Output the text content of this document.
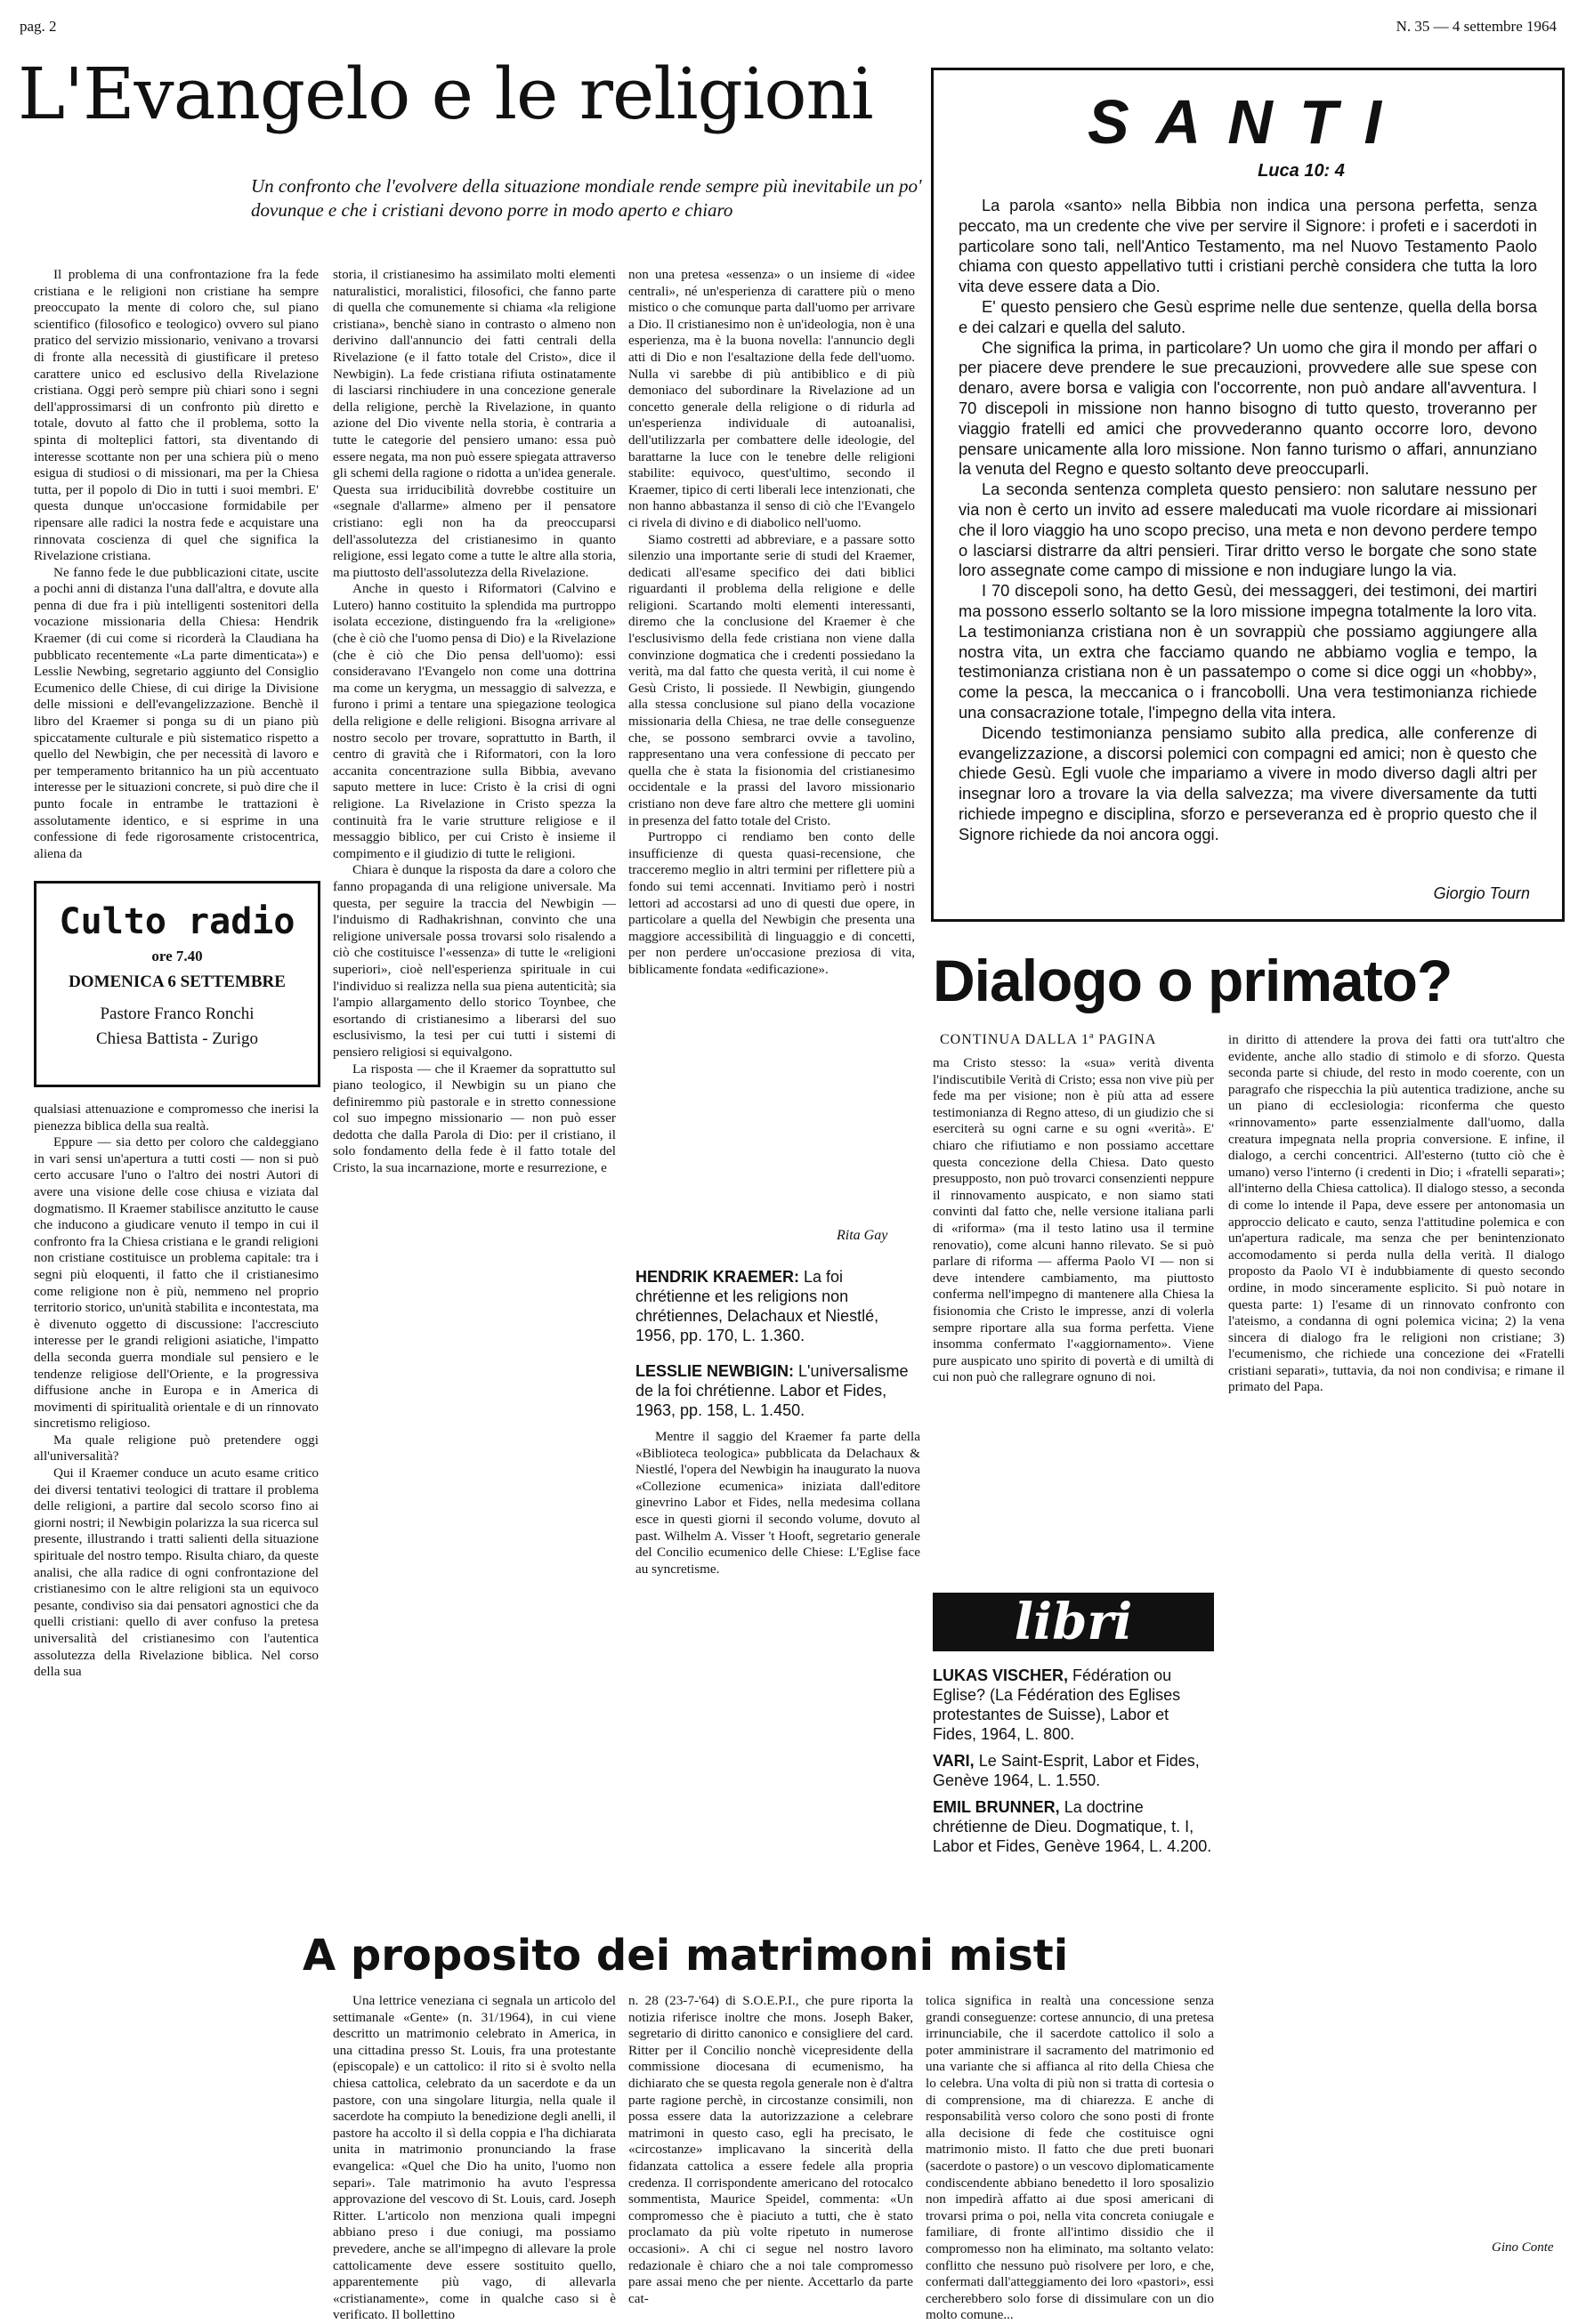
pag. 2	N. 35 — 4 settembre 1964
L'Evangelo e le religioni
Un confronto che l'evolvere della situazione mondiale rende sempre più inevitabile un po' dovunque e che i cristiani devono porre in modo aperto e chiaro

Il problema di una confrontazione fra la fede cristiana e le religioni non cristiane ha sempre preoccupato la mente di coloro che, sul piano scientifico (filosofico e teologico) ovvero sul piano pratico del servizio missionario, venivano a trovarsi di fronte alla necessità di giustificare il preteso carattere unico ed esclusivo della Rivelazione cristiana. Oggi però sempre più chiari sono i segni dell'approssimarsi di un confronto più diretto e totale, dovuto al fatto che il problema, sotto la spinta di molteplici fattori, sta diventando di interesse scottante non per una schiera più o meno esigua di studiosi o di missionari, ma per la Chiesa tutta, per il popolo di Dio in tutti i suoi membri. E' questa dunque un'occasione formidabile per ripensare alle radici la nostra fede e acquistare una rinnovata coscienza di quel che significa la Rivelazione cristiana.

Ne fanno fede le due pubblicazioni citate, uscite a pochi anni di distanza l'una dall'altra, e dovute alla penna di due fra i più intelligenti sostenitori della vocazione missionaria della Chiesa: Hendrik Kraemer (di cui come si ricorderà la Claudiana ha pubblicato recentemente «La parte dimenticata») e Lesslie Newbing, segretario aggiunto del Consiglio Ecumenico delle Chiese, di cui dirige la Divisione delle missioni e dell'evangelizzazione. Benchè il libro del Kraemer si ponga su di un piano più spiccatamente culturale e più sistematico rispetto a quello del Newbigin, che per necessità di lavoro e per temperamento britannico ha un più accentuato interesse per le situazioni concrete, si può dire che il punto focale in entrambe le trattazioni è assolutamente identico, e si esprime in una confessione di fede rigorosamente cristocentrica, aliena da

Culto radio
ore 7.40
DOMENICA 6 SETTEMBRE
Pastore Franco Ronchi
Chiesa Battista - Zurigo

qualsiasi attenuazione e compromesso che inerisi la pienezza biblica della sua realtà.

Eppure — sia detto per coloro che caldeggiano in vari sensi un'apertura a tutti costi — non si può certo accusare l'uno o l'altro dei nostri Autori di avere una visione delle cose chiusa e viziata dal dogmatismo. Il Kraemer stabilisce anzitutto le cause che inducono a giudicare venuto il tempo in cui il confronto fra la Chiesa cristiana e le grandi religioni non cristiane costituisce un problema capitale: tra i segni più eloquenti, il fatto che il cristianesimo come religione non è più, nemmeno nel proprio territorio storico, un'unità stabilita e incontestata, ma è divenuto oggetto di discussione: l'accresciuto interesse per le grandi religioni asiatiche, l'impatto della seconda guerra mondiale sul pensiero e le tendenze religiose dell'Oriente, e la progressiva diffusione anche in Europa e in America di movimenti di spiritualità orientale e di un rinnovato sincretismo religioso.

Ma quale religione può pretendere oggi all'universalità?

Qui il Kraemer conduce un acuto esame critico dei diversi tentativi teologici di trattare il problema delle religioni, a partire dal secolo scorso fino ai giorni nostri; il Newbigin polarizza la sua ricerca sul presente, illustrando i tratti salienti della situazione spirituale del nostro tempo. Risulta chiaro, da queste analisi, che alla radice di ogni confrontazione del cristianesimo con le altre religioni sta un equivoco pesante, condiviso sia dai pensatori agnostici che da quelli cristiani: quello di aver confuso la pretesa universalità del cristianesimo con l'autentica assolutezza della Rivelazione biblica. Nel corso della sua

storia, il cristianesimo ha assimilato molti elementi naturalistici, moralistici, filosofici, che fanno parte di quella che comunemente si chiama «la religione cristiana», benchè siano in contrasto o almeno non derivino dall'annuncio dei fatti centrali della Rivelazione (e il fatto totale del Cristo», dice il Newbigin). La fede cristiana rifiuta ostinatamente di lasciarsi rinchiudere in una concezione generale della religione, perchè la Rivelazione, in quanto azione del Dio vivente nella storia, è contraria a tutte le categorie del pensiero umano: essa può essere negata, ma non può essere spiegata attraverso gli schemi della ragione o ridotta a un'idea generale. Questa sua irriducibilità dovrebbe costituire un «segnale d'allarme» almeno per il pensatore cristiano: egli non ha da preoccuparsi dell'assolutezza del cristianesimo in quanto religione, essi legato come a tutte le altre alla storia, ma piuttosto dell'assolutezza della Rivelazione.

Anche in questo i Riformatori (Calvino e Lutero) hanno costituito la splendida ma purtroppo isolata eccezione, distinguendo fra la «religione» (che è ciò che l'uomo pensa di Dio) e la Rivelazione (che è ciò che Dio pensa dell'uomo): essi consideravano l'Evangelo non come una dottrina ma come un kerygma, un messaggio di salvezza, e furono i primi a tentare una spiegazione teologica della religione e delle religioni. Bisogna arrivare al nostro secolo per trovare, soprattutto in Barth, il centro di gravità che i Riformatori, con la loro accanita concentrazione sulla Bibbia, avevano saputo mettere in luce: Cristo è la crisi di ogni religione. La Rivelazione in Cristo spezza la continuità fra le varie strutture religiose e il messaggio biblico, per cui Cristo è insieme il compimento e il giudizio di tutte le religioni.

Chiara è dunque la risposta da dare a coloro che fanno propaganda di una religione universale. Ma questa, per seguire la traccia del Newbigin — l'induismo di Radhakrishnan, convinto che una religione universale possa trovarsi solo risalendo a ciò che costituisce l'«essenza» di tutte le «religioni superiori», cioè nell'esperienza spirituale in cui l'individuo si realizza nella sua piena autenticità; sia l'ampio allargamento dello storico Toynbee, che esortando di cristianesimo a liberarsi del suo esclusivismo, la tesi per cui tutti i sistemi di pensiero religiosi si equivalgono.

La risposta — che il Kraemer da soprattutto sul piano teologico, il Newbigin su un piano che definiremmo più pastorale e in stretto connessione col suo impegno missionario — non può esser dedotta che dalla Parola di Dio: per il cristiano, il solo fondamento della fede è il fatto totale del Cristo, la sua incarnazione, morte e resurrezione, e

non una pretesa «essenza» o un insieme di «idee centrali», né un'esperienza di carattere più o meno mistico o che comunque parta dall'uomo per arrivare a Dio. Il cristianesimo non è un'ideologia, non è una esperienza, ma è la buona novella: l'annuncio degli atti di Dio e non l'esaltazione della fede dell'uomo. Nulla vi sarebbe di più antibiblico e di più demoniaco del subordinare la Rivelazione ad un concetto generale della religione o di ridurla ad un'esperienza individuale di autoanalisi, dell'utilizzarla per combattere delle ideologie, del barattarne la luce con le tenebre delle religioni stabilite: equivoco, quest'ultimo, secondo il Kraemer, tipico di certi liberali lece intenzionati, che non hanno abbastanza il senso di ciò che l'Evangelo ci rivela di divino e di diabolico nell'uomo.

Siamo costretti ad abbreviare, e a passare sotto silenzio una importante serie di studi del Kraemer, dedicati all'esame specifico dei dati biblici riguardanti il problema della religione e delle religioni. Scartando molti elementi interessanti, diremo che la conclusione del Kraemer è che l'esclusivismo della fede cristiana non viene dalla convinzione dogmatica che i credenti possiedano la verità, ma dal fatto che questa verità, il cui nome è Gesù Cristo, li possiede. Il Newbigin, giungendo alla stessa conclusione sul piano della vocazione missionaria della Chiesa, ne trae delle conseguenze che, se possono sembrarci ovvie a tavolino, rappresentano una vera confessione di peccato per quella che è stata la fisionomia del cristianesimo occidentale e la prassi del lavoro missionario cristiano non deve fare altro che mettere gli uomini in presenza del fatto totale del Cristo.

Purtroppo ci rendiamo ben conto delle insufficienze di questa quasi-recensione, che tracceremo meglio in altri termini per riflettere più a fondo sui temi accennati. Invitiamo però i nostri lettori ad accostarsi ad uno di questi due opere, in particolare a quella del Newbigin che presenta una maggiore accessibilità di linguaggio e di concetti, per non perdere un'occasione preziosa di vita, biblicamente fondata «edificazione».

Rita Gay

HENDRIK KRAEMER: La foi chrétienne et les religions non chrétiennes, Delachaux et Niestlé, 1956, pp. 170, L. 1.360.

LESSLIE NEWBIGIN: L'universalisme de la foi chrétienne. Labor et Fides, 1963, pp. 158, L. 1.450.

Mentre il saggio del Kraemer fa parte della «Biblioteca teologica» pubblicata da Delachaux & Niestlé, l'opera del Newbigin ha inaugurato la nuova «Collezione ecumenica» iniziata dall'editore ginevrino Labor et Fides, nella medesima collana esce in questi giorni il secondo volume, dovuto al past. Wilhelm A. Visser 't Hooft, segretario generale del Concilio ecumenico delle Chiese: L'Eglise face au syncretisme.

SANTI
Luca 10: 4

La parola «santo» nella Bibbia non indica una persona perfetta, senza peccato, ma un credente che vive per servire il Signore: i profeti e i sacerdoti in particolare sono tali, nell'Antico Testamento, ma nel Nuovo Testamento Paolo chiama con questo appellativo tutti i cristiani perchè considera che tutta la loro vita deve essere data a Dio.

E' questo pensiero che Gesù esprime nelle due sentenze, quella della borsa e dei calzari e quella del saluto.

Che significa la prima, in particolare? Un uomo che gira il mondo per affari o per piacere deve prendere le sue precauzioni, provvedere alle sue spese con denaro, avere borsa e valigia con l'occorrente, non può andare all'avventura. I 70 discepoli in missione non hanno bisogno di tutto questo, troveranno per viaggio fratelli ed amici che provvederanno quanto occorre loro, devono pensare unicamente alla loro missione. Non fanno turismo o affari, annunziano la venuta del Regno e questo soltanto deve preoccuparli.

La seconda sentenza completa questo pensiero: non salutare nessuno per via non è certo un invito ad essere maleducati ma vuole ricordare ai missionari che il loro viaggio ha uno scopo preciso, una meta e non devono perdere tempo o lasciarsi distrarre da altri pensieri. Tirar dritto verso le borgate che sono state loro assegnate come campo di missione e non indugiare lungo la via.

I 70 discepoli sono, ha detto Gesù, dei messaggeri, dei testimoni, dei martiri ma possono esserlo soltanto se la loro missione impegna totalmente la loro vita. La testimonianza cristiana non è un sovrappiù che possiamo aggiungere alla nostra vita, un extra che facciamo quando ne abbiamo voglia e tempo, la testimonianza cristiana non è un passatempo o come si dice oggi un «hobby», come la pesca, la meccanica o i francobolli. Una vera testimonianza richiede una consacrazione totale, l'impegno della vita intera.

Dicendo testimonianza pensiamo subito alla predica, alle conferenze di evangelizzazione, a discorsi polemici con compagni ed amici; non è questo che chiede Gesù. Egli vuole che impariamo a vivere in modo diverso dagli altri per insegnar loro a trovare la via della salvezza; ma vivere diversamente da tutti richiede impegno e disciplina, sforzo e perseveranza ed è proprio questo che il Signore richiede da noi ancora oggi.

Giorgio Tourn
Dialogo o primato?
CONTINUA DALLA 1ª PAGINA

ma Cristo stesso: la «sua» verità diventa l'indiscutibile Verità di Cristo; essa non vive più per fede ma per visione; non è più atta ad essere testimonianza di Regno atteso, di un giudizio che si eserciterà su ogni carne e su ogni «verità». E' chiaro che rifiutiamo e non possiamo accettare questa concezione della Chiesa. Dato questo presupposto, non può trovarci consenzienti neppure il rinnovamento auspicato, e non siamo stati convinti dal fatto che, nelle versione italiana parli di «riforma» (ma il testo latino usa il termine renovatio), come alcuni hanno rilevato. Se si può parlare di riforma — afferma Paolo VI — non si deve intendere cambiamento, ma piuttosto conferma nell'impegno di mantenere alla Chiesa la fisionomia che Cristo le impresse, anzi di volerla sempre riportare alla sua forma perfetta. Viene insomma confermato l'«aggiornamento». Viene pure auspicato uno spirito di povertà e di umiltà di cui non può che rallegrare ognuno di noi.

in diritto di attendere la prova dei fatti ora tutt'altro che evidente, anche allo stadio di stimolo e di sforzo. Questa seconda parte si chiude, del resto in modo coerente, con un paragrafo che rispecchia la più autentica tradizione, anche su un piano di ecclesiologia: riconferma che questo «rinnovamento» parte essenzialmente dall'uomo, dalla creatura impegnata nella propria conversione. E infine, il dialogo, a cerchi concentrici. All'esterno (tutto ciò che è umano) verso l'interno (i credenti in Dio; i «fratelli separati»; all'interno della Chiesa cattolica). Il dialogo stesso, a seconda di come lo intende il Papa, deve essere per antonomasia un approccio delicato e cauto, senza l'attitudine polemica e con un'apertura radicale, ma senza che per benintenzionato accomodamento si perda nulla della verità. Il dialogo proposto da Paolo VI è indubbiamente di questo secondo ordine, in modo sinceramente esplicito. Si può notare in questa parte: 1) l'esame di un rinnovato confronto con l'ateismo, a condanna di ogni polemica vicina; 2) la vena sincera di dialogo fra le religioni non cristiane; 3) l'ecumenismo, che richiede una concezione dei «Fratelli cristiani separati», tuttavia, da noi non condivisa; e rimane il primato del Papa.

libri

LUKAS VISCHER, Fédération ou Eglise? (La Fédération des Eglises protestantes de Suisse), Labor et Fides, 1964, L. 800.

VARI, Le Saint-Esprit, Labor et Fides, Genève 1964, L. 1.550.

EMIL BRUNNER, La doctrine chrétienne de Dieu. Dogmatique, t. I, Labor et Fides, Genève 1964, L. 4.200.

A proposito dei matrimoni misti

Una lettrice veneziana ci segnala un articolo del settimanale «Gente» (n. 31/1964), in cui viene descritto un matrimonio celebrato in America, in una cittadina presso St. Louis, fra una protestante (episcopale) e un cattolico: il rito si è svolto nella chiesa cattolica, celebrato da un sacerdote e da un pastore, con una singolare liturgia, nella quale il sacerdote ha compiuto la benedizione degli anelli, il pastore ha accolto il sì della coppia e l'ha dichiarata unita in matrimonio pronunciando la frase evangelica: «Quel che Dio ha unito, l'uomo non separi». Tale matrimonio ha avuto l'espressa approvazione del vescovo di St. Louis, card. Joseph Ritter. L'articolo non menziona quali impegni abbiano preso i due coniugi, ma possiamo prevedere, anche se all'impegno di allevare la prole cattolicamente deve essere sostituito quello, apparentemente più vago, di allevarla «cristianamente», come in qualche caso si è verificato. Il bollettino

n. 28 (23-7-'64) di S.O.E.P.I., che pure riporta la notizia riferisce inoltre che mons. Joseph Baker, segretario di diritto canonico e consigliere del card. Ritter per il Concilio nonchè vicepresidente della commissione diocesana di ecumenismo, ha dichiarato che se questa regola generale non è d'altra parte ragione perchè, in circostanze consimili, non possa essere data la autorizzazione a celebrare matrimoni in questo caso, egli ha precisato, le «circostanze» implicavano la sincerità della fidanzata cattolica a essere fedele alla propria credenza. Il corrispondente americano del rotocalco sommentista, Maurice Speidel, commenta: «Un compromesso che è piaciuto a tutti, che è stato proclamato da più volte ripetuto in numerose occasioni». A chi ci segue nel nostro lavoro redazionale è chiaro che a noi tale compromesso pare assai meno che per niente. Accettarlo da parte cat-

tolica significa in realtà una concessione senza grandi conseguenze: cortese annuncio, di una pretesa irrinunciabile, che il sacerdote cattolico il solo a poter amministrare il sacramento del matrimonio ed una variante che si affianca al rito della Chiesa che lo celebra. Una volta di più non si tratta di cortesia o di comprensione, ma di chiarezza. E anche di responsabilità verso coloro che sono posti di fronte alla decisione di fede che costituisce ogni matrimonio misto. Il fatto che due preti buonari (sacerdote o pastore) o un vescovo diplomaticamente condiscendente abbiano benedetto il loro sposalizio non impedirà affatto ai due sposi americani di trovarsi prima o poi, nella vita concreta coniugale e familiare, di fronte all'intimo dissidio che il compromesso non ha eliminato, ma soltanto velato: conflitto che nessuno può risolvere per loro, e che, confermati dall'atteggiamento dei loro «pastori», essi cercherebbero solo forse di dissimulare con un dio molto comune...

Gino Conte
